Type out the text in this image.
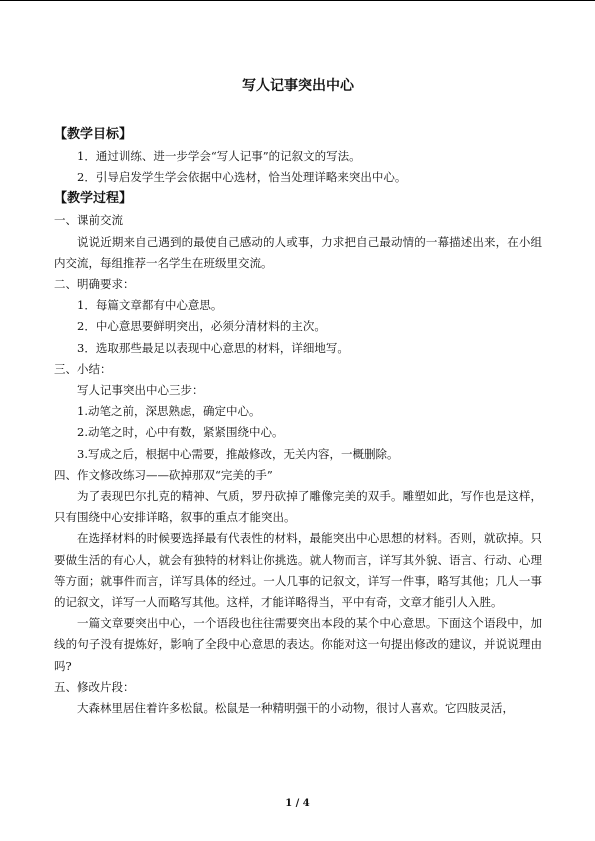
写人记事突出中心
【教学目标】

1．通过训练、进一步学会“写人记事”的记叙文的写法。

2．引导启发学生学会依据中心选材，恰当处理详略来突出中心。

【教学过程】

一、课前交流

说说近期来自己遇到的最使自己感动的人或事，力求把自己最动情的一幕描述出来，在小组内交流，每组推荐一名学生在班级里交流。

二、明确要求：

1．每篇文章都有中心意思。

2．中心意思要鲜明突出，必须分清材料的主次。

3．选取那些最足以表现中心意思的材料，详细地写。

三、小结：

写人记事突出中心三步：

1.动笔之前，深思熟虑，确定中心。

2.动笔之时，心中有数，紧紧围绕中心。

3.写成之后，根据中心需要，推敲修改，无关内容，一概删除。

四、作文修改练习——砍掉那双“完美的手”

为了表现巴尔扎克的精神、气质，罗丹砍掉了雕像完美的双手。雕塑如此，写作也是这样，只有围绕中心安排详略，叙事的重点才能突出。

在选择材料的时候要选择最有代表性的材料，最能突出中心思想的材料。否则，就砍掉。只要做生活的有心人，就会有独特的材料让你挑选。就人物而言，详写其外貌、语言、行动、心理等方面；就事件而言，详写具体的经过。一人几事的记叙文，详写一件事，略写其他；几人一事的记叙文，详写一人而略写其他。这样，才能详略得当，平中有奇，文章才能引人入胜。

一篇文章要突出中心，一个语段也往往需要突出本段的某个中心意思。下面这个语段中，加线的句子没有提炼好，影响了全段中心意思的表达。你能对这一句提出修改的建议，并说说理由吗?

五、修改片段：

大森林里居住着许多松鼠。松鼠是一种精明强干的小动物，很讨人喜欢。它四肢灵活，

1 / 4
